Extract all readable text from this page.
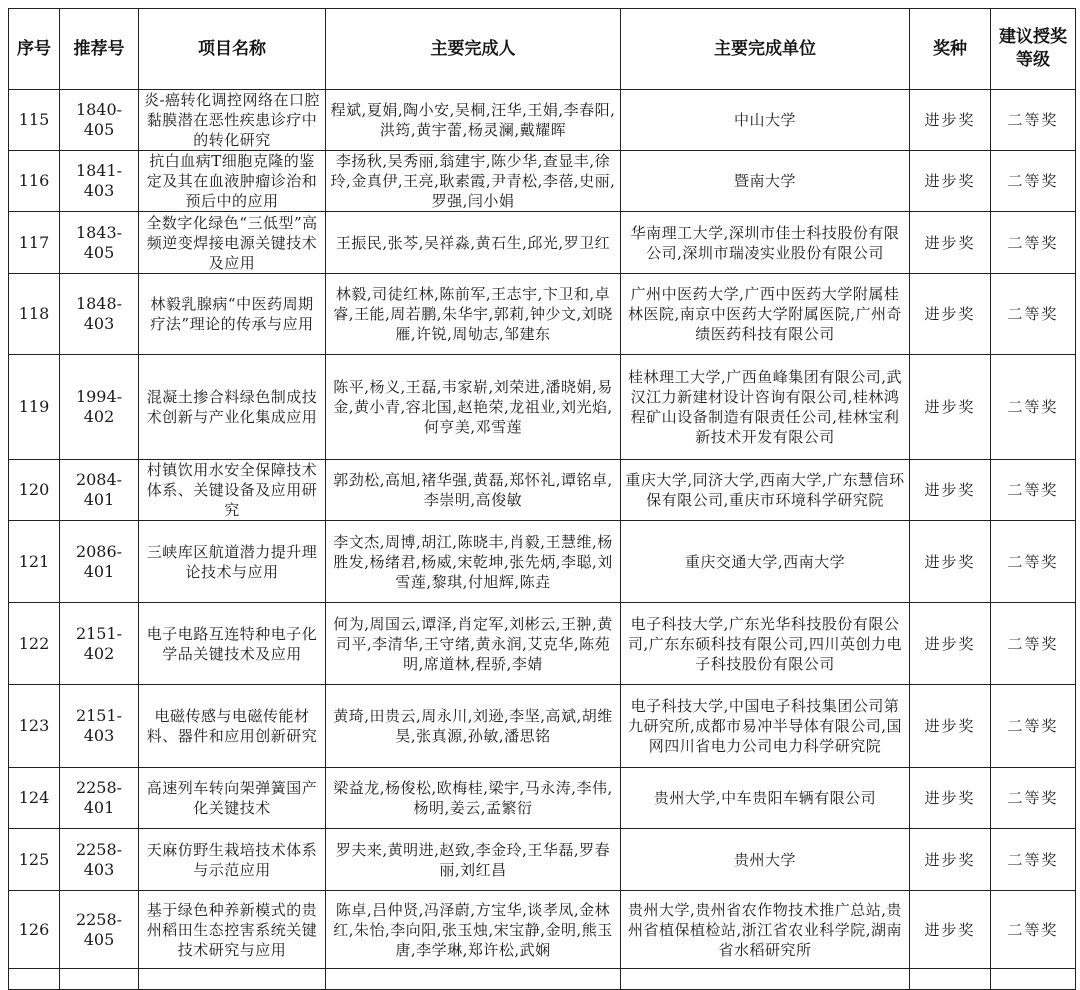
序号	推荐号	项目名称	主要完成人	主要完成单位	奖种	建议授奖等级
115	1840-405	炎-癌转化调控网络在口腔黏膜潜在恶性疾患诊疗中的转化研究	程斌,夏娟,陶小安,吴桐,汪华,王娟,李春阳,洪筠,黄宇蕾,杨灵澜,戴耀晖	中山大学	进步奖	二等奖
116	1841-403	抗白血病T细胞克隆的鉴定及其在血液肿瘤诊治和预后中的应用	李扬秋,吴秀丽,翁建宇,陈少华,查显丰,徐玲,金真伊,王亮,耿素霞,尹青松,李蓓,史丽,罗强,闫小娟	暨南大学	进步奖	二等奖
117	1843-405	全数字化绿色“三低型”高频逆变焊接电源关键技术及应用	王振民,张芩,吴祥淼,黄石生,邱光,罗卫红	华南理工大学,深圳市佳士科技股份有限公司,深圳市瑞凌实业股份有限公司	进步奖	二等奖
118	1848-403	林毅乳腺病“中医药周期疗法”理论的传承与应用	林毅,司徒红林,陈前军,王志宇,卞卫和,卓睿,王能,周若鹏,朱华宇,郭莉,钟少文,刘晓雁,许锐,周劬志,邹建东	广州中医药大学,广西中医药大学附属桂林医院,南京中医药大学附属医院,广州奇绩医药科技有限公司	进步奖	二等奖
119	1994-402	混凝土掺合料绿色制成技术创新与产业化集成应用	陈平,杨义,王磊,韦家崭,刘荣进,潘晓娟,易金,黄小青,容北国,赵艳荣,龙祖业,刘光焰,何亨美,邓雪莲	桂林理工大学,广西鱼峰集团有限公司,武汉江力新建材设计咨询有限公司,桂林鸿程矿山设备制造有限责任公司,桂林宝利新技术开发有限公司	进步奖	二等奖
120	2084-401	村镇饮用水安全保障技术体系、关键设备及应用研究	郭劲松,高旭,褚华强,黄磊,郑怀礼,谭铭卓,李崇明,高俊敏	重庆大学,同济大学,西南大学,广东慧信环保有限公司,重庆市环境科学研究院	进步奖	二等奖
121	2086-401	三峡库区航道潜力提升理论技术与应用	李文杰,周博,胡江,陈晓丰,肖毅,王慧维,杨胜发,杨绪君,杨威,宋乾坤,张先炳,李聪,刘雪莲,黎琪,付旭辉,陈垚	重庆交通大学,西南大学	进步奖	二等奖
122	2151-402	电子电路互连特种电子化学品关键技术及应用	何为,周国云,谭泽,肖定军,刘彬云,王翀,黄司平,李清华,王守绪,黄永润,艾克华,陈苑明,席道林,程骄,李婧	电子科技大学,广东光华科技股份有限公司,广东东硕科技有限公司,四川英创力电子科技股份有限公司	进步奖	二等奖
123	2151-403	电磁传感与电磁传能材料、器件和应用创新研究	黄琦,田贵云,周永川,刘逊,李坚,高斌,胡维昊,张真源,孙敏,潘思铭	电子科技大学,中国电子科技集团公司第九研究所,成都市易冲半导体有限公司,国网四川省电力公司电力科学研究院	进步奖	二等奖
124	2258-401	高速列车转向架弹簧国产化关键技术	梁益龙,杨俊松,欧梅桂,梁宇,马永涛,李伟,杨明,姜云,孟繁衍	贵州大学,中车贵阳车辆有限公司	进步奖	二等奖
125	2258-403	天麻仿野生栽培技术体系与示范应用	罗夫来,黄明进,赵致,李金玲,王华磊,罗春丽,刘红昌	贵州大学	进步奖	二等奖
126	2258-405	基于绿色种养新模式的贵州稻田生态控害系统关键技术研究与应用	陈卓,吕仲贤,冯泽蔚,方宝华,谈孝凤,金林红,朱怡,李向阳,张玉烛,宋宝静,金明,熊玉唐,李学琳,郑许松,武娴	贵州大学,贵州省农作物技术推广总站,贵州省植保植检站,浙江省农业科学院,湖南省水稻研究所	进步奖	二等奖
